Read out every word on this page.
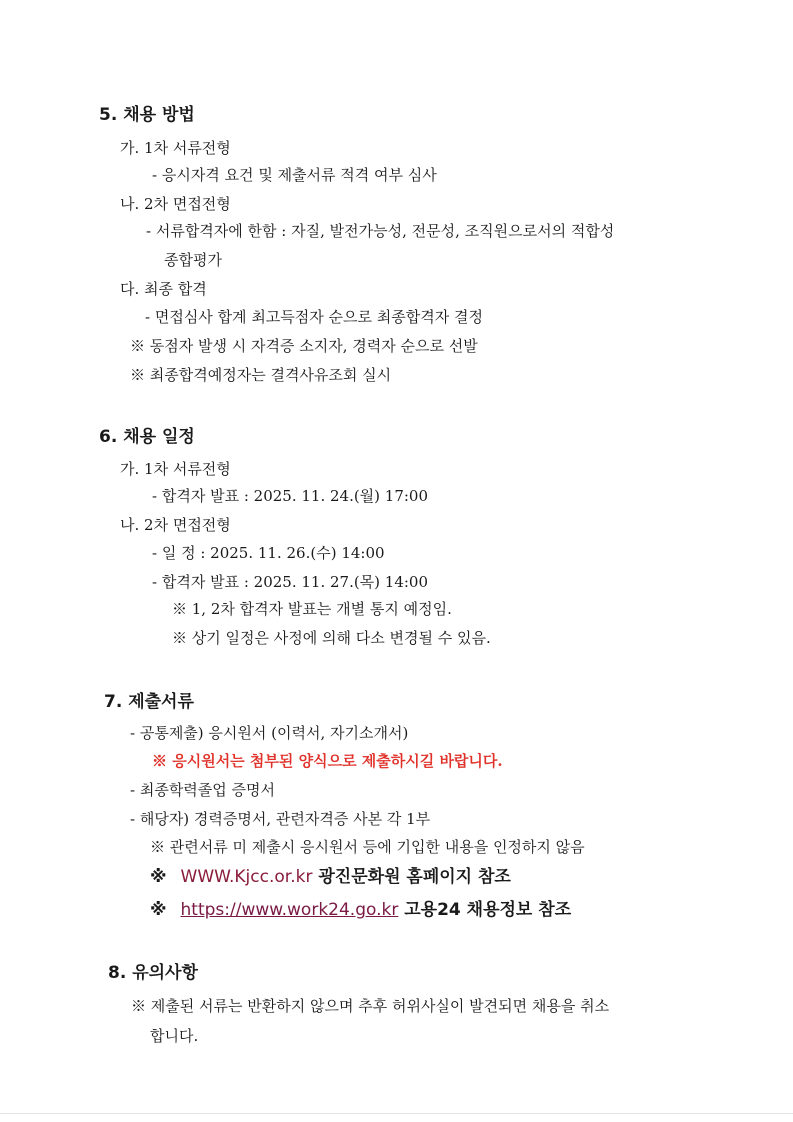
5. 채용 방법
가. 1차 서류전형
- 응시자격 요건 및 제출서류 적격 여부 심사
나. 2차 면접전형
- 서류합격자에 한함 : 자질, 발전가능성, 전문성, 조직원으로서의 적합성
종합평가
다. 최종 합격
- 면접심사 합계 최고득점자 순으로 최종합격자 결정
※ 동점자 발생 시 자격증 소지자, 경력자 순으로 선발
※ 최종합격예정자는 결격사유조회 실시
6. 채용 일정
가. 1차 서류전형
- 합격자 발표 : 2025. 11. 24.(월) 17:00
나. 2차 면접전형
- 일 정 : 2025. 11. 26.(수) 14:00
- 합격자 발표 : 2025. 11. 27.(목) 14:00
※ 1, 2차 합격자 발표는 개별 통지 예정임.
※ 상기 일정은 사정에 의해 다소 변경될 수 있음.
7. 제출서류
- 공통제출) 응시원서 (이력서, 자기소개서)
※ 응시원서는 첨부된 양식으로 제출하시길 바랍니다.
- 최종학력졸업 증명서
- 해당자) 경력증명서, 관련자격증 사본 각 1부
※ 관련서류 미 제출시 응시원서 등에 기입한 내용을 인정하지 않음
※ WWW.Kjcc.or.kr 광진문화원 홈페이지 참조
※ https://www.work24.go.kr 고용24 채용정보 참조
8. 유의사항
※ 제출된 서류는 반환하지 않으며 추후 허위사실이 발견되면 채용을 취소
합니다.
